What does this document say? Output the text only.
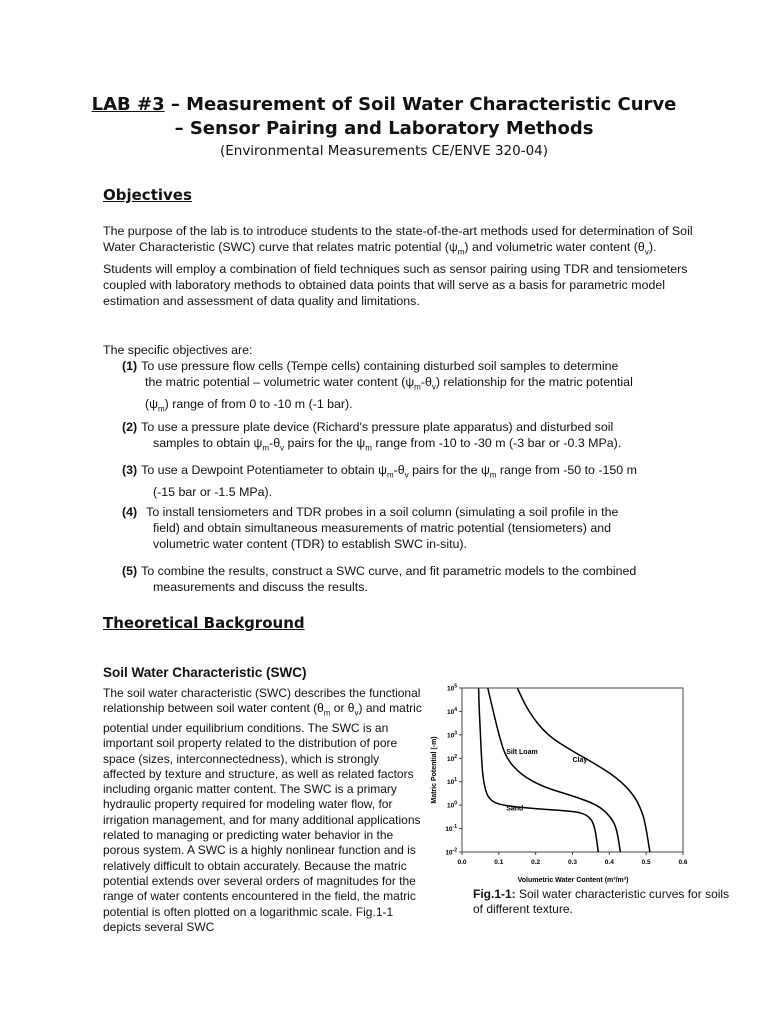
LAB #3 – Measurement of Soil Water Characteristic Curve
– Sensor Pairing and Laboratory Methods
(Environmental Measurements CE/ENVE 320-04)
Objectives

The purpose of the lab is to introduce students to the state-of-the-art methods used for determination of Soil Water Characteristic (SWC) curve that relates matric potential $(\psi_m)$ and volumetric water content $(\theta_v)$. Students will employ a combination of field techniques such as sensor pairing using TDR and tensiometers coupled with laboratory methods to obtained data points that will serve as a basis for parametric model estimation and assessment of data quality and limitations.

The specific objectives are:
(1) To use pressure flow cells (Tempe cells) containing disturbed soil samples to determine
the matric potential – volumetric water content $(\psi_m-\theta_v)$ relationship for the matric potential
$(\psi_m)$ range of from 0 to -10 m (-1 bar).
(2) To use a pressure plate device (Richard's pressure plate apparatus) and disturbed soil
samples to obtain $\psi_m-\theta_v$ pairs for the $\psi_m$ range from -10 to -30 m (-3 bar or -0.3 MPa).
(3) To use a Dewpoint Potentiameter to obtain $\psi_m-\theta_v$ pairs for the $\psi_m$ range from -50 to -150 m
(-15 bar or -1.5 MPa).
(4) To install tensiometers and TDR probes in a soil column (simulating a soil profile in the
field) and obtain simultaneous measurements of matric potential (tensiometers) and
volumetric water content (TDR) to establish SWC in-situ).
(5) To combine the results, construct a SWC curve, and fit parametric models to the combined
measurements and discuss the results.
Theoretical Background
Soil Water Characteristic (SWC)
The soil water characteristic (SWC) describes the functional relationship between soil water content ($\theta_m$ or $\theta_v$) and matric potential under equilibrium conditions. The SWC is an important soil property related to the distribution of pore space (sizes, interconnectedness), which is strongly affected by texture and structure, as well as related factors including organic matter content. The SWC is a primary hydraulic property required for modeling water flow, for irrigation management, and for many additional applications related to managing or predicting water behavior in the porous system. A SWC is a highly nonlinear function and is relatively difficult to obtain accurately. Because the matric potential extends over several orders of magnitudes for the range of water contents encountered in the field, the matric potential is often plotted on a logarithmic scale. Fig.1-1 depicts several SWC
$10^5$
$10^4$
$10^3$
$10^2$
$10^1$
$10^0$
$10^{-1}$
$10^{-2}$
0.0	0.1	0.2	0.3	0.4	0.5	0.6
Matric Potential (-m)
Volumetric Water Content (m³/m³)
Silt Loam
Clay
Sand
Fig.1-1: Soil water characteristic curves for soils of different texture.
